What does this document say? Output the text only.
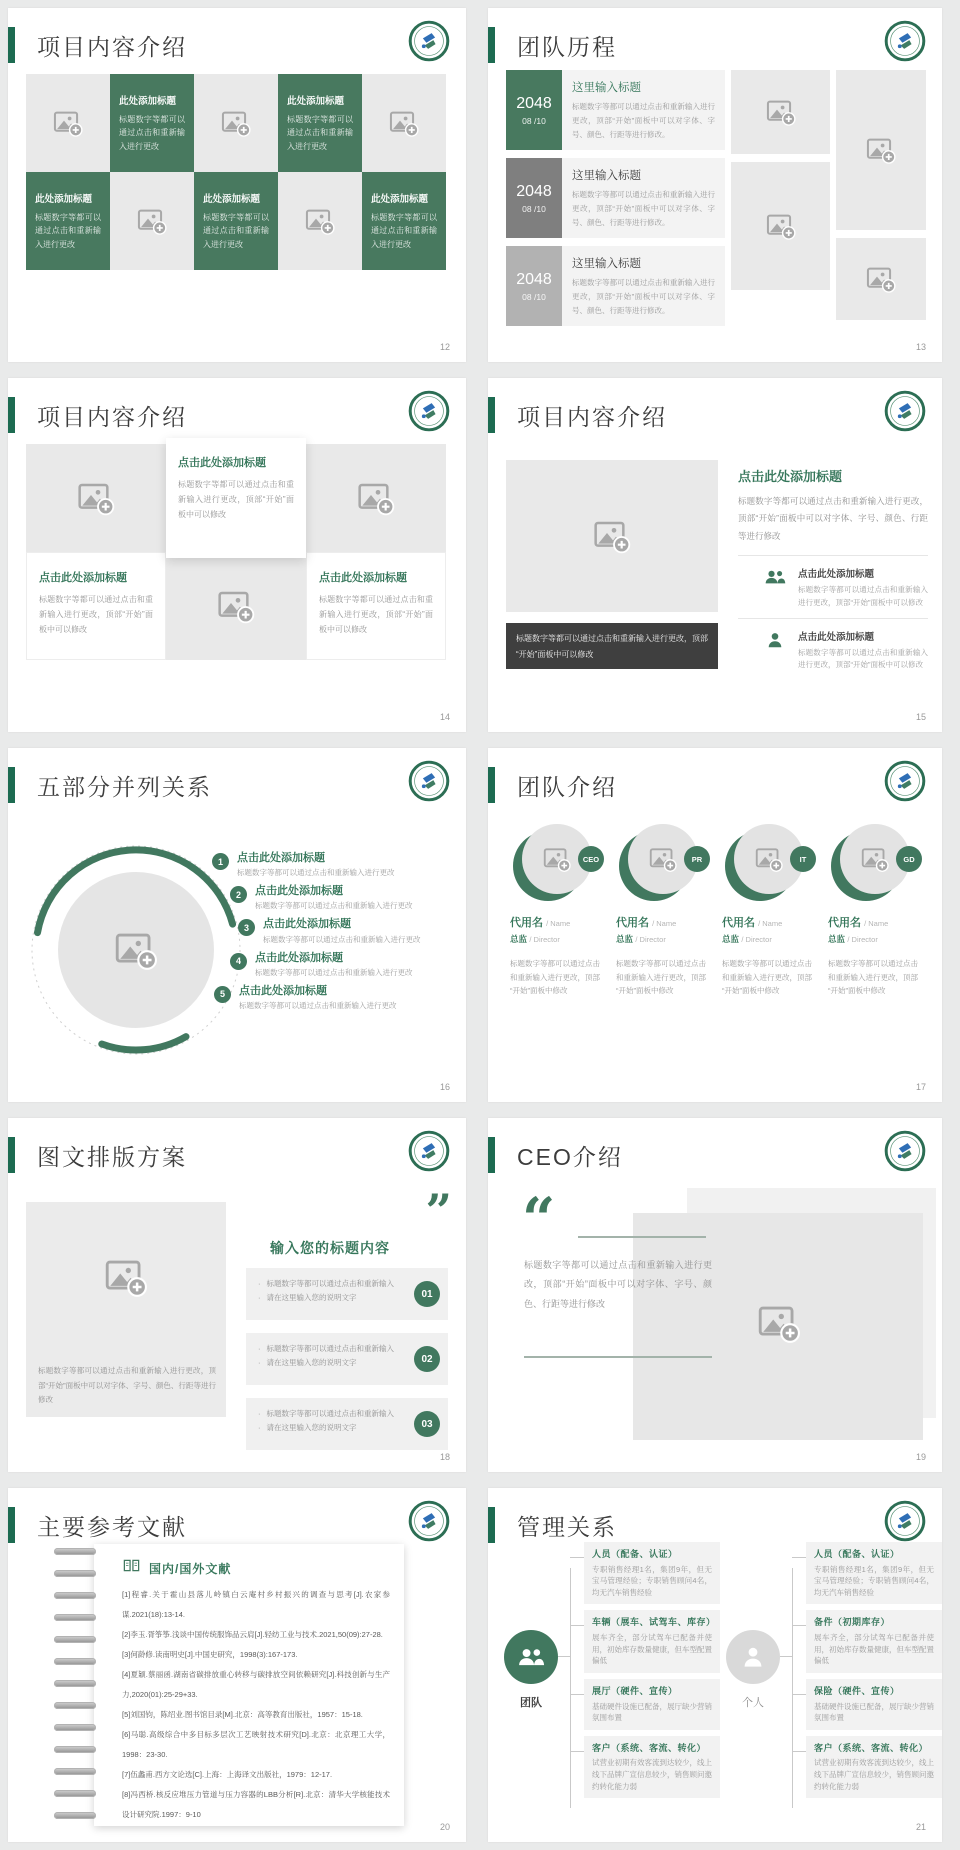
项目内容介绍
此处添加标题

标题数字等都可以通过点击和重新输入进行更改

此处添加标题

标题数字等都可以通过点击和重新输入进行更改

此处添加标题

标题数字等都可以通过点击和重新输入进行更改

此处添加标题

标题数字等都可以通过点击和重新输入进行更改

此处添加标题

标题数字等都可以通过点击和重新输入进行更改

12
团队历程
2048
08 /10
这里输入标题

标题数字等都可以通过点击和重新输入进行更改，顶部“开始”面板中可以对字体、字号、颜色、行距等进行修改。

2048
08 /10
这里输入标题

标题数字等都可以通过点击和重新输入进行更改，顶部“开始”面板中可以对字体、字号、颜色、行距等进行修改。

2048
08 /10
这里输入标题

标题数字等都可以通过点击和重新输入进行更改，顶部“开始”面板中可以对字体、字号、颜色、行距等进行修改。

13
项目内容介绍
点击此处添加标题

标题数字等都可以通过点击和重新输入进行更改，顶部“开始”面板中可以修改

点击此处添加标题

标题数字等都可以通过点击和重新输入进行更改，顶部“开始”面板中可以修改

点击此处添加标题

标题数字等都可以通过点击和重新输入进行更改，顶部“开始”面板中可以修改

14
项目内容介绍
标题数字等都可以通过点击和重新输入进行更改，顶部“开始”面板中可以修改
点击此处添加标题

标题数字等都可以通过点击和重新输入进行更改，顶部“开始”面板中可以对字体、字号、颜色、行距等进行修改

点击此处添加标题

标题数字等都可以通过点击和重新输入进行更改，顶部“开始”面板中可以修改

点击此处添加标题

标题数字等都可以通过点击和重新输入进行更改，顶部“开始”面板中可以修改

15
五部分并列关系
1	点击此处添加标题

标题数字等都可以通过点击和重新输入进行更改

2	点击此处添加标题

标题数字等都可以通过点击和重新输入进行更改

3	点击此处添加标题

标题数字等都可以通过点击和重新输入进行更改

4	点击此处添加标题

标题数字等都可以通过点击和重新输入进行更改

5	点击此处添加标题

标题数字等都可以通过点击和重新输入进行更改

16
团队介绍
CEO
代用名 / Name
总监 / Director

标题数字等都可以通过点击和重新输入进行更改，顶部“开始”面板中修改

PR
代用名 / Name
总监 / Director

标题数字等都可以通过点击和重新输入进行更改，顶部“开始”面板中修改

IT
代用名 / Name
总监 / Director

标题数字等都可以通过点击和重新输入进行更改，顶部“开始”面板中修改

GD
代用名 / Name
总监 / Director

标题数字等都可以通过点击和重新输入进行更改，顶部“开始”面板中修改

17
图文排版方案
标题数字等都可以通过点击和重新输入进行更改，顶部“开始”面板中可以对字体、字号、颜色、行距等进行修改
”
输入您的标题内容

· 标题数字等都可以通过点击和重新输入

· 请在这里输入您的说明文字	01

· 标题数字等都可以通过点击和重新输入

· 请在这里输入您的说明文字	02

· 标题数字等都可以通过点击和重新输入

· 请在这里输入您的说明文字	03
18
CEO介绍
“

标题数字等都可以通过点击和重新输入进行更改，顶部“开始”面板中可以对字体、字号、颜色、行距等进行修改

19
主要参考文献
国内/国外文献

[1]程睿.关于霍山县落儿岭镇白云庵村乡村振兴的调查与思考[J].农家参谋.2021(18):13-14.

[2]李玉.胥筝筝.浅谈中国传统服饰品云肩[J].轻纺工业与技术.2021,50(09):27-28.

[3]何龄修.读南明史[J].中国史研究，1998(3):167-173.

[4]夏颖.蔡丽函.湖南省碳排放重心转移与碳排放空间依赖研究[J].科技创新与生产力,2020(01):25-29+33.

[5]刘国钧，陈绍业.图书馆目录[M].北京：高等教育出版社，1957：15-18.

[6]马聪.高级综合中多目标多层次工艺映射技术研究[D].北京：北京理工大学，1998：23-30.

[7]伍蠡甫.西方文论选[C].上海：上海译文出版社，1979：12-17.

[8]冯西桥.核反应堆压力管道与压力容器的LBB分析[R].北京：清华大学核能技术设计研究院.1997：9-10

20
管理关系
团队
人员（配备、认证）

专职销售经理1名，集团9年，但无宝马管理经验；专职销售顾问4名，均无汽车销售经验

车辆（展车、试驾车、库存）

展车齐全，部分试驾车已配备并使用，初始库存数量健康，但车型配置偏低

展厅（硬件、宣传）

基础硬件设施已配备，展厅缺少营销氛围布置

客户（系统、客流、转化）

试营业初期有效客流到达较少，线上线下品牌广宣信息较少，销售顾问邀约转化能力弱

个人
人员（配备、认证）

专职销售经理1名，集团9年，但无宝马管理经验；专职销售顾问4名，均无汽车销售经验

备件（初期库存）

展车齐全，部分试驾车已配备并使用，初始库存数量健康，但车型配置偏低

保险（硬件、宣传）

基础硬件设施已配备，展厅缺少营销氛围布置

客户（系统、客流、转化）

试营业初期有效客流到达较少，线上线下品牌广宣信息较少，销售顾问邀约转化能力弱

21
